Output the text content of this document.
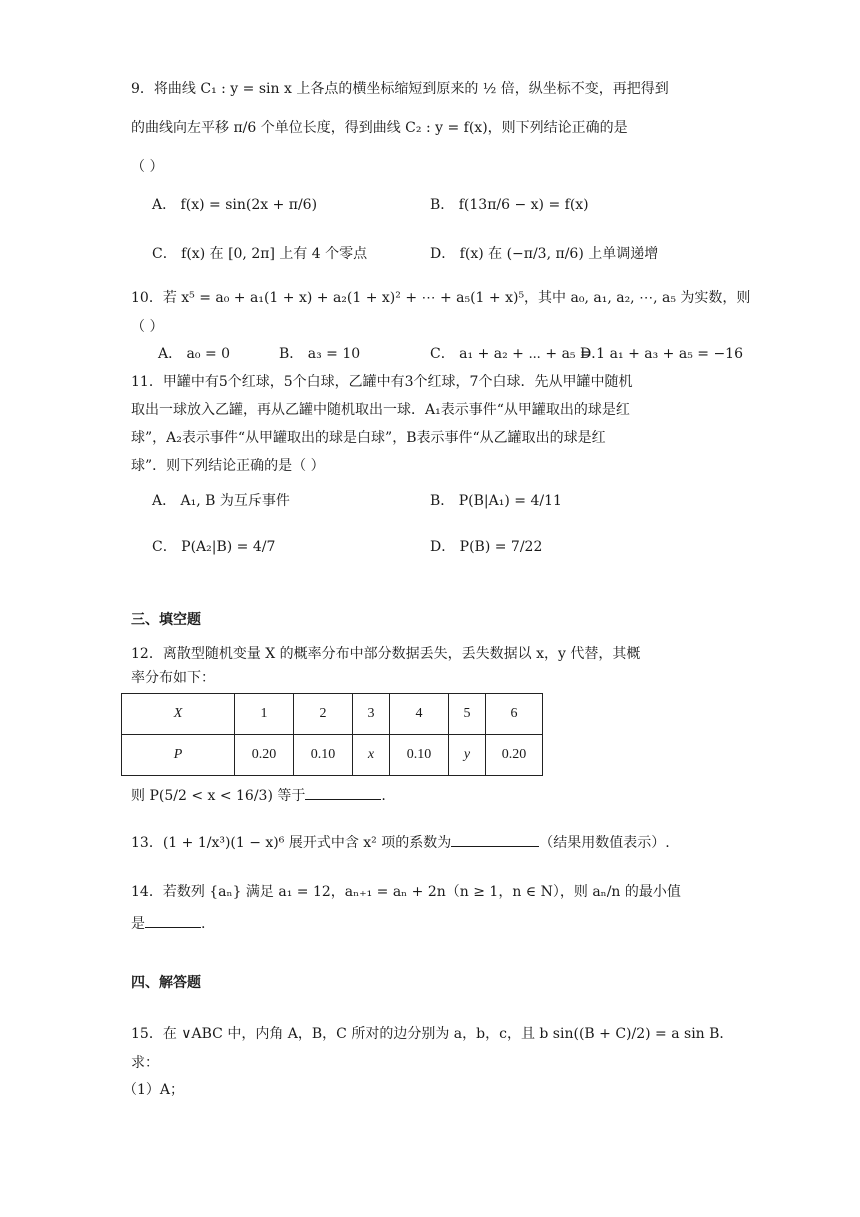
9．将曲线 C₁ : y = sin x 上各点的横坐标缩短到原来的 ½ 倍，纵坐标不变，再把得到
的曲线向左平移 π/6 个单位长度，得到曲线 C₂ : y = f(x)，则下列结论正确的是
（ ）
A． f(x) = sin(2x + π/6)	B． f(13π/6 − x) = f(x)
C． f(x) 在 [0, 2π] 上有 4 个零点	D． f(x) 在 (−π/3, π/6) 上单调递增
10．若 x⁵ = a₀ + a₁(1 + x) + a₂(1 + x)² + ⋯ + a₅(1 + x)⁵，其中 a₀, a₁, a₂, ⋯, a₅ 为实数，则
（ ）
A． a₀ = 0	B． a₃ = 10	C． a₁ + a₂ + ⋯ + a₅ = 1
D． a₁ + a₃ + a₅ = −16
11．甲罐中有5个红球，5个白球，乙罐中有3个红球，7个白球．先从甲罐中随机
取出一球放入乙罐，再从乙罐中随机取出一球．A₁表示事件“从甲罐取出的球是红
球”，A₂表示事件“从甲罐取出的球是白球”，B表示事件“从乙罐取出的球是红
球”．则下列结论正确的是（ ）
A． A₁, B 为互斥事件	B． P(B|A₁) = 4/11
C． P(A₂|B) = 4/7	D． P(B) = 7/22
三、填空题
12．离散型随机变量 X 的概率分布中部分数据丢失，丢失数据以 x，y 代替，其概
率分布如下：
X	1	2	3	4	5	6
P	0.20	0.10	x	0.10	y	0.20
则 P(5/2 < x < 16/3) 等于	.
13．(1 + 1/x³)(1 − x)⁶ 展开式中含 x² 项的系数为	（结果用数值表示）.
14．若数列 {aₙ} 满足 a₁ = 12，aₙ₊₁ = aₙ + 2n（n ≥ 1，n ∈ N），则 aₙ/n 的最小值
是	.
四、解答题
15．在 ∨ABC 中，内角 A，B，C 所对的边分别为 a，b，c，且 b sin((B + C)/2) = a sin B．
求：
（1）A；
